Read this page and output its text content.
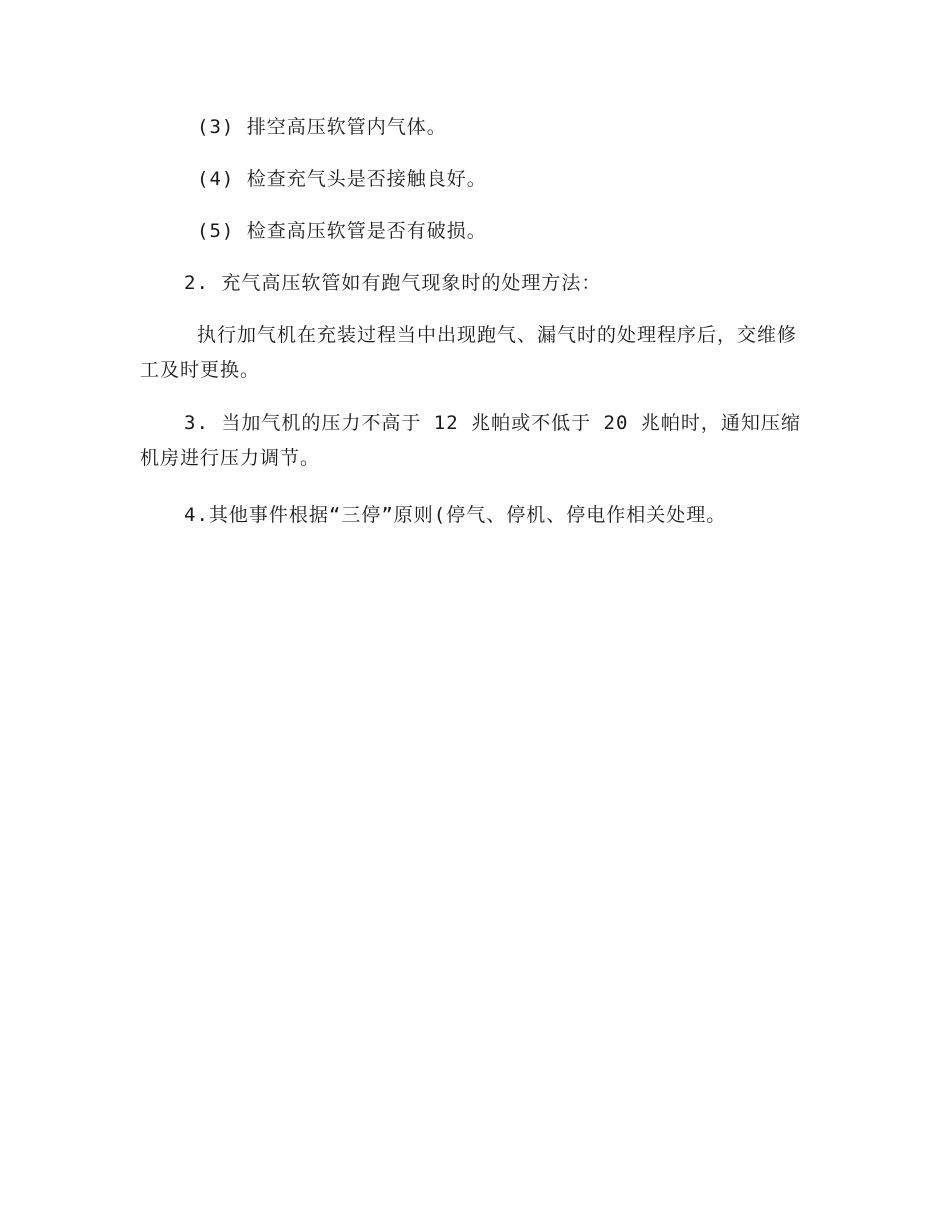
(3) 排空高压软管内气体。
(4) 检查充气头是否接触良好。
(5) 检查高压软管是否有破损。
2. 充气高压软管如有跑气现象时的处理方法：
执行加气机在充装过程当中出现跑气、漏气时的处理程序后，交维修工及时更换。
3. 当加气机的压力不高于 12 兆帕或不低于 20 兆帕时，通知压缩机房进行压力调节。
4.其他事件根据“三停”原则(停气、停机、停电作相关处理。
